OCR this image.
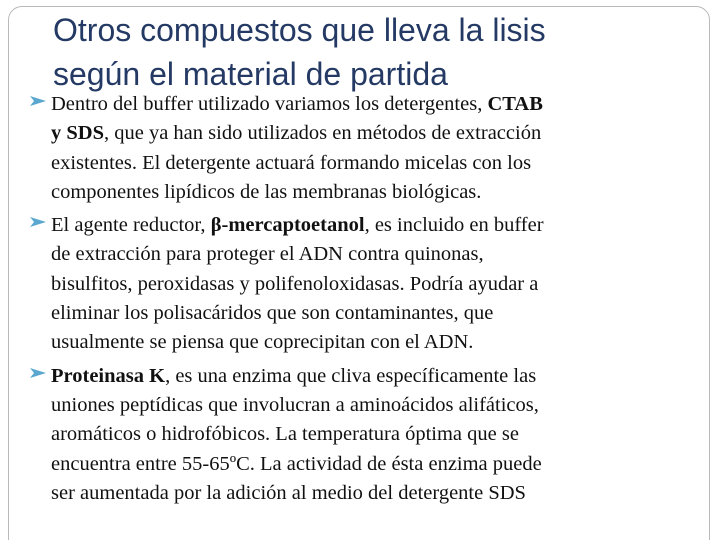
Otros compuestos que lleva la lisis
según el material de partida
Dentro del buffer utilizado variamos los detergentes, CTAB
y SDS, que ya han sido utilizados en métodos de extracción
existentes. El detergente actuará formando micelas con los
componentes lipídicos de las membranas biológicas.
El agente reductor, β-mercaptoetanol, es incluido en buffer
de extracción para proteger el ADN contra quinonas,
bisulfitos, peroxidasas y polifenoloxidasas. Podría ayudar a
eliminar los polisacáridos que son contaminantes, que
usualmente se piensa que coprecipitan con el ADN.
Proteinasa K, es una enzima que cliva específicamente las
uniones peptídicas que involucran a aminoácidos alifáticos,
aromáticos o hidrofóbicos. La temperatura óptima que se
encuentra entre 55-65ºC. La actividad de ésta enzima puede
ser aumentada por la adición al medio del detergente SDS
